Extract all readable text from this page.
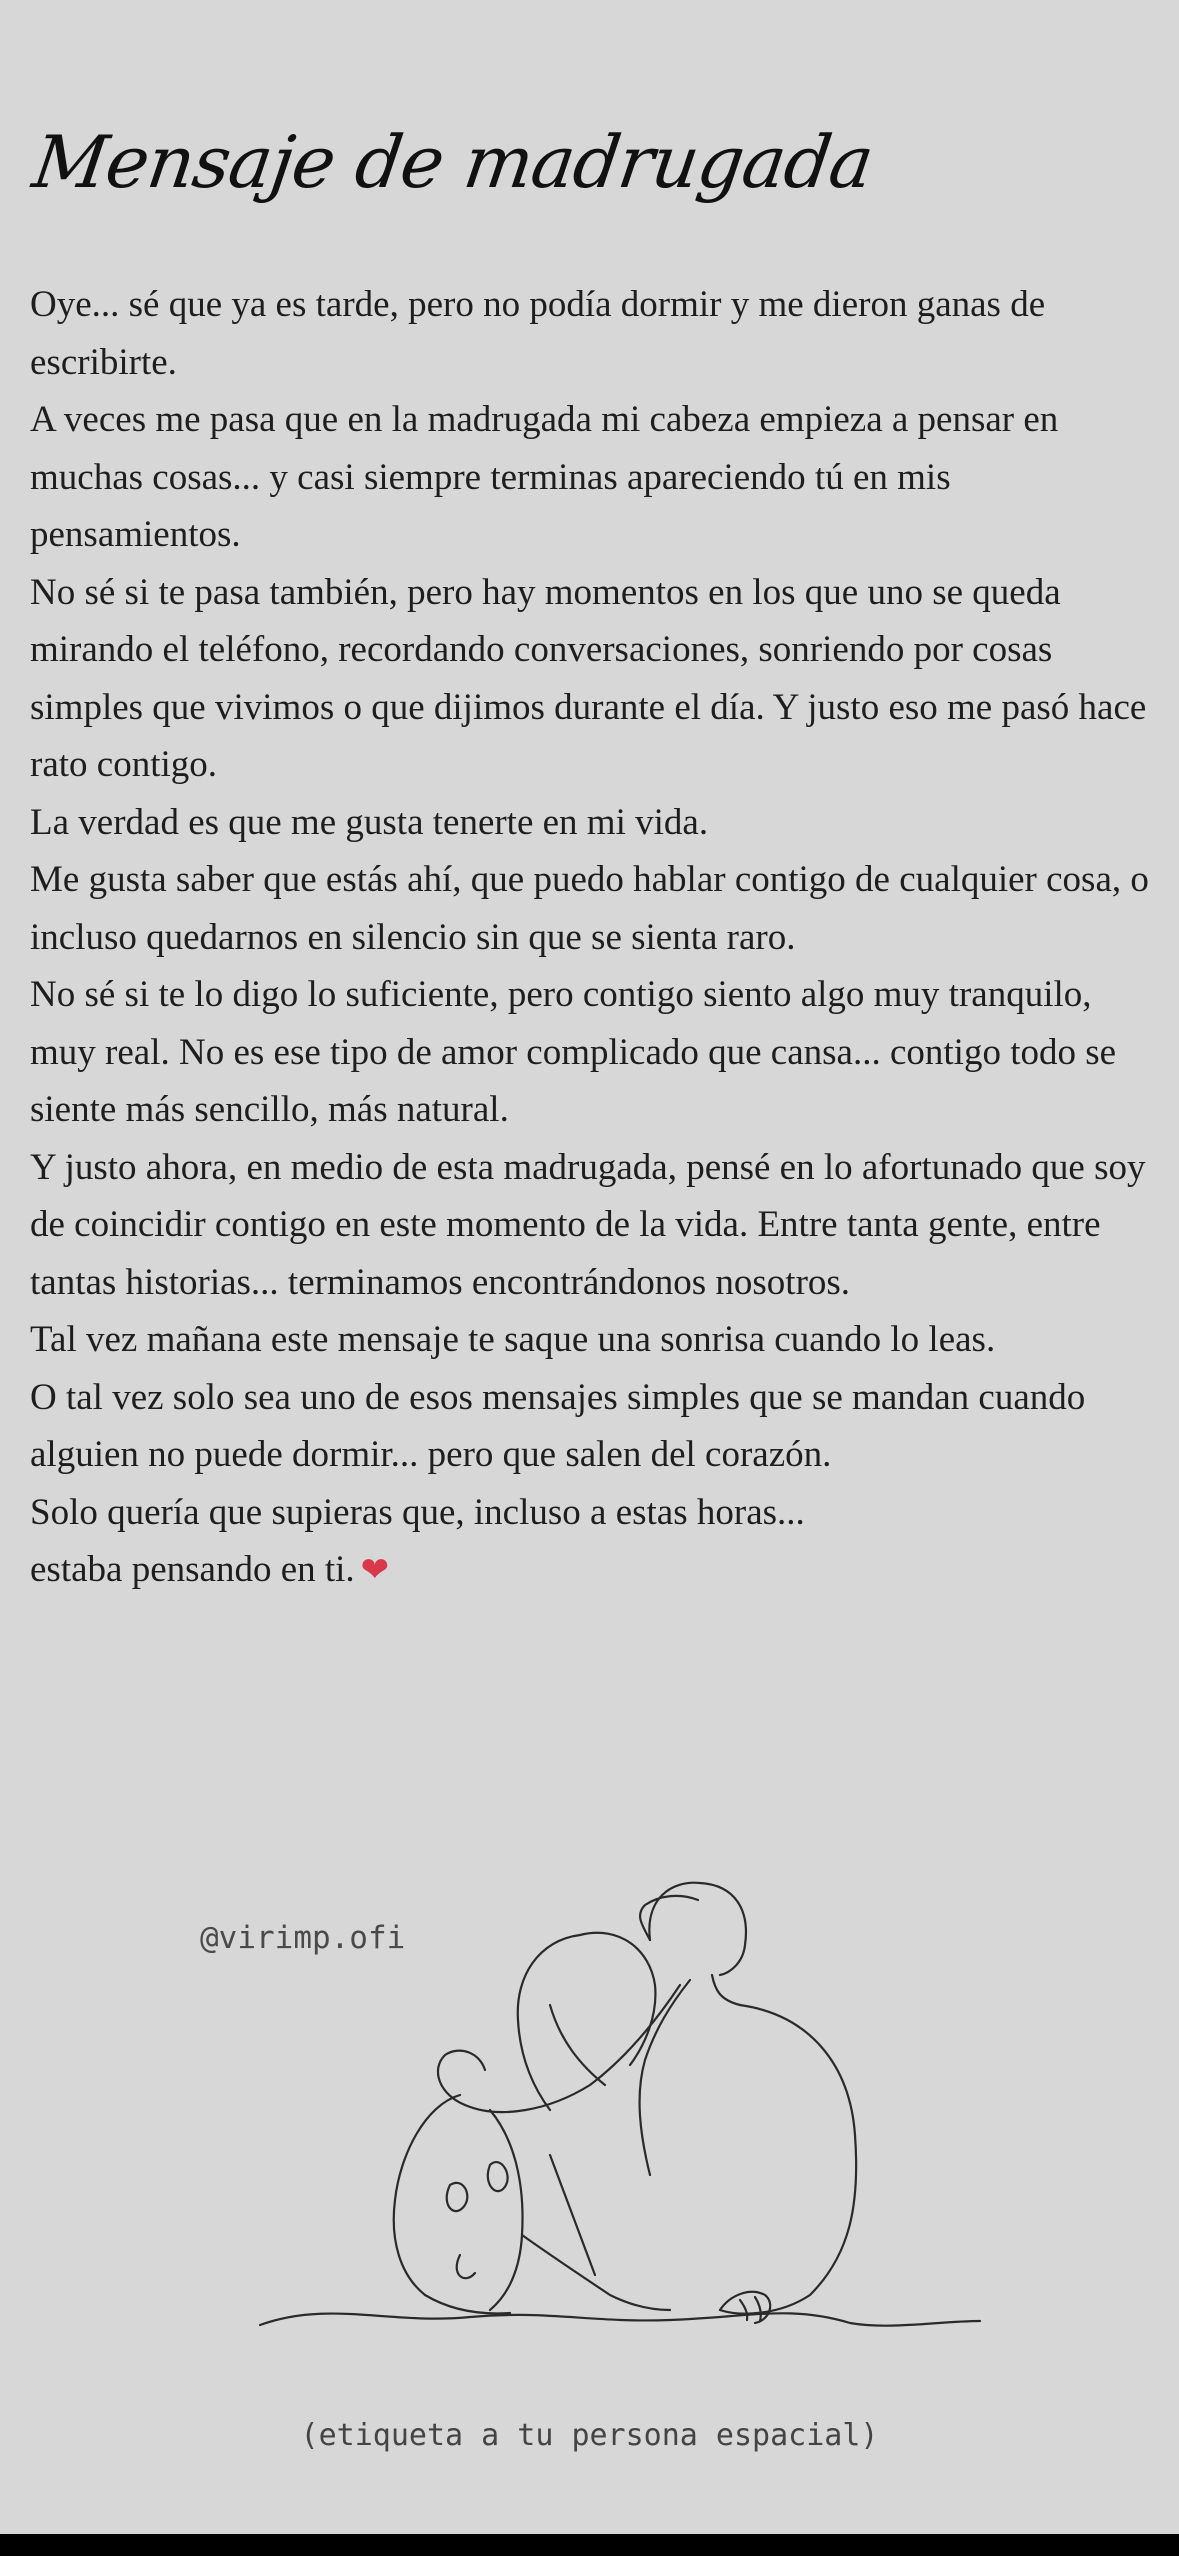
Mensaje de madrugada

Oye... sé que ya es tarde, pero no podía dormir y me dieron ganas de escribirte.

A veces me pasa que en la madrugada mi cabeza empieza a pensar en muchas cosas... y casi siempre terminas apareciendo tú en mis pensamientos.

No sé si te pasa también, pero hay momentos en los que uno se queda mirando el teléfono, recordando conversaciones, sonriendo por cosas simples que vivimos o que dijimos durante el día. Y justo eso me pasó hace rato contigo.

La verdad es que me gusta tenerte en mi vida.

Me gusta saber que estás ahí, que puedo hablar contigo de cualquier cosa, o incluso quedarnos en silencio sin que se sienta raro.

No sé si te lo digo lo suficiente, pero contigo siento algo muy tranquilo, muy real. No es ese tipo de amor complicado que cansa... contigo todo se siente más sencillo, más natural.

Y justo ahora, en medio de esta madrugada, pensé en lo afortunado que soy de coincidir contigo en este momento de la vida. Entre tanta gente, entre tantas historias... terminamos encontrándonos nosotros.

Tal vez mañana este mensaje te saque una sonrisa cuando lo leas.

O tal vez solo sea uno de esos mensajes simples que se mandan cuando alguien no puede dormir... pero que salen del corazón.

Solo quería que supieras que, incluso a estas horas...

estaba pensando en ti. ❤

@virimp.ofi
(etiqueta a tu persona espacial)
